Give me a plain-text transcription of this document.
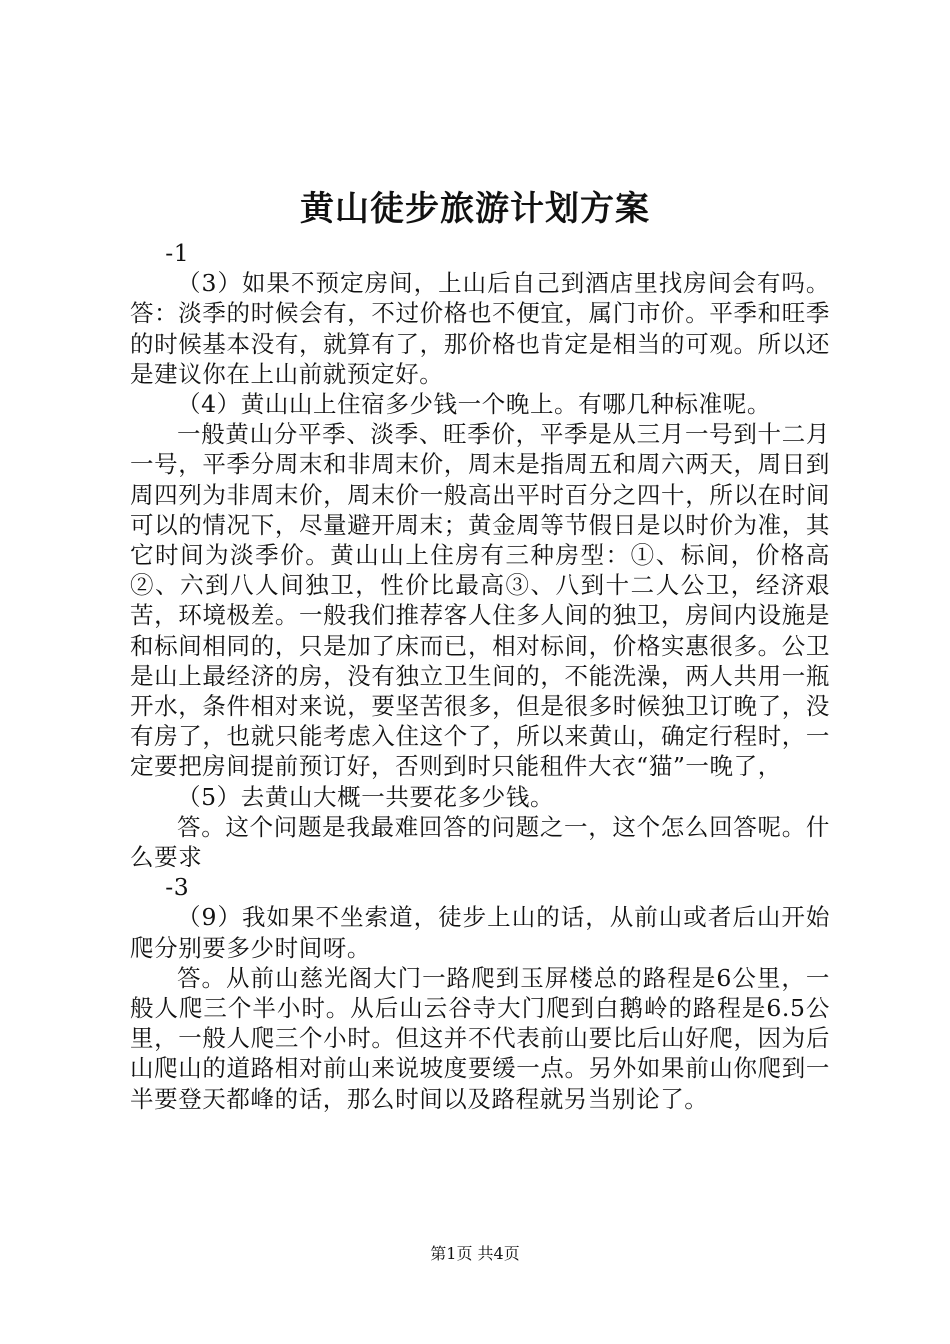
黄山徒步旅游计划方案

-1

（3）如果不预定房间，上山后自己到酒店里找房间会有吗。答：淡季的时候会有，不过价格也不便宜，属门市价。平季和旺季的时候基本没有，就算有了，那价格也肯定是相当的可观。所以还是建议你在上山前就预定好。

（4）黄山山上住宿多少钱一个晚上。有哪几种标准呢。

一般黄山分平季、淡季、旺季价，平季是从三月一号到十二月一号，平季分周末和非周末价，周末是指周五和周六两天，周日到周四列为非周末价，周末价一般高出平时百分之四十，所以在时间可以的情况下，尽量避开周末；黄金周等节假日是以时价为准，其它时间为淡季价。黄山山上住房有三种房型：①、标间，价格高②、六到八人间独卫，性价比最高③、八到十二人公卫，经济艰苦，环境极差。一般我们推荐客人住多人间的独卫，房间内设施是和标间相同的，只是加了床而已，相对标间，价格实惠很多。公卫是山上最经济的房，没有独立卫生间的，不能洗澡，两人共用一瓶开水，条件相对来说，要坚苦很多，但是很多时候独卫订晚了，没有房了，也就只能考虑入住这个了，所以来黄山，确定行程时，一定要把房间提前预订好，否则到时只能租件大衣“猫”一晚了，

（5）去黄山大概一共要花多少钱。

答。这个问题是我最难回答的问题之一，这个怎么回答呢。什么要求

-3

（9）我如果不坐索道，徒步上山的话，从前山或者后山开始爬分别要多少时间呀。

答。从前山慈光阁大门一路爬到玉屏楼总的路程是6公里，一般人爬三个半小时。从后山云谷寺大门爬到白鹅岭的路程是6.5公里，一般人爬三个小时。但这并不代表前山要比后山好爬，因为后山爬山的道路相对前山来说坡度要缓一点。另外如果前山你爬到一半要登天都峰的话，那么时间以及路程就另当别论了。

第1页 共4页
